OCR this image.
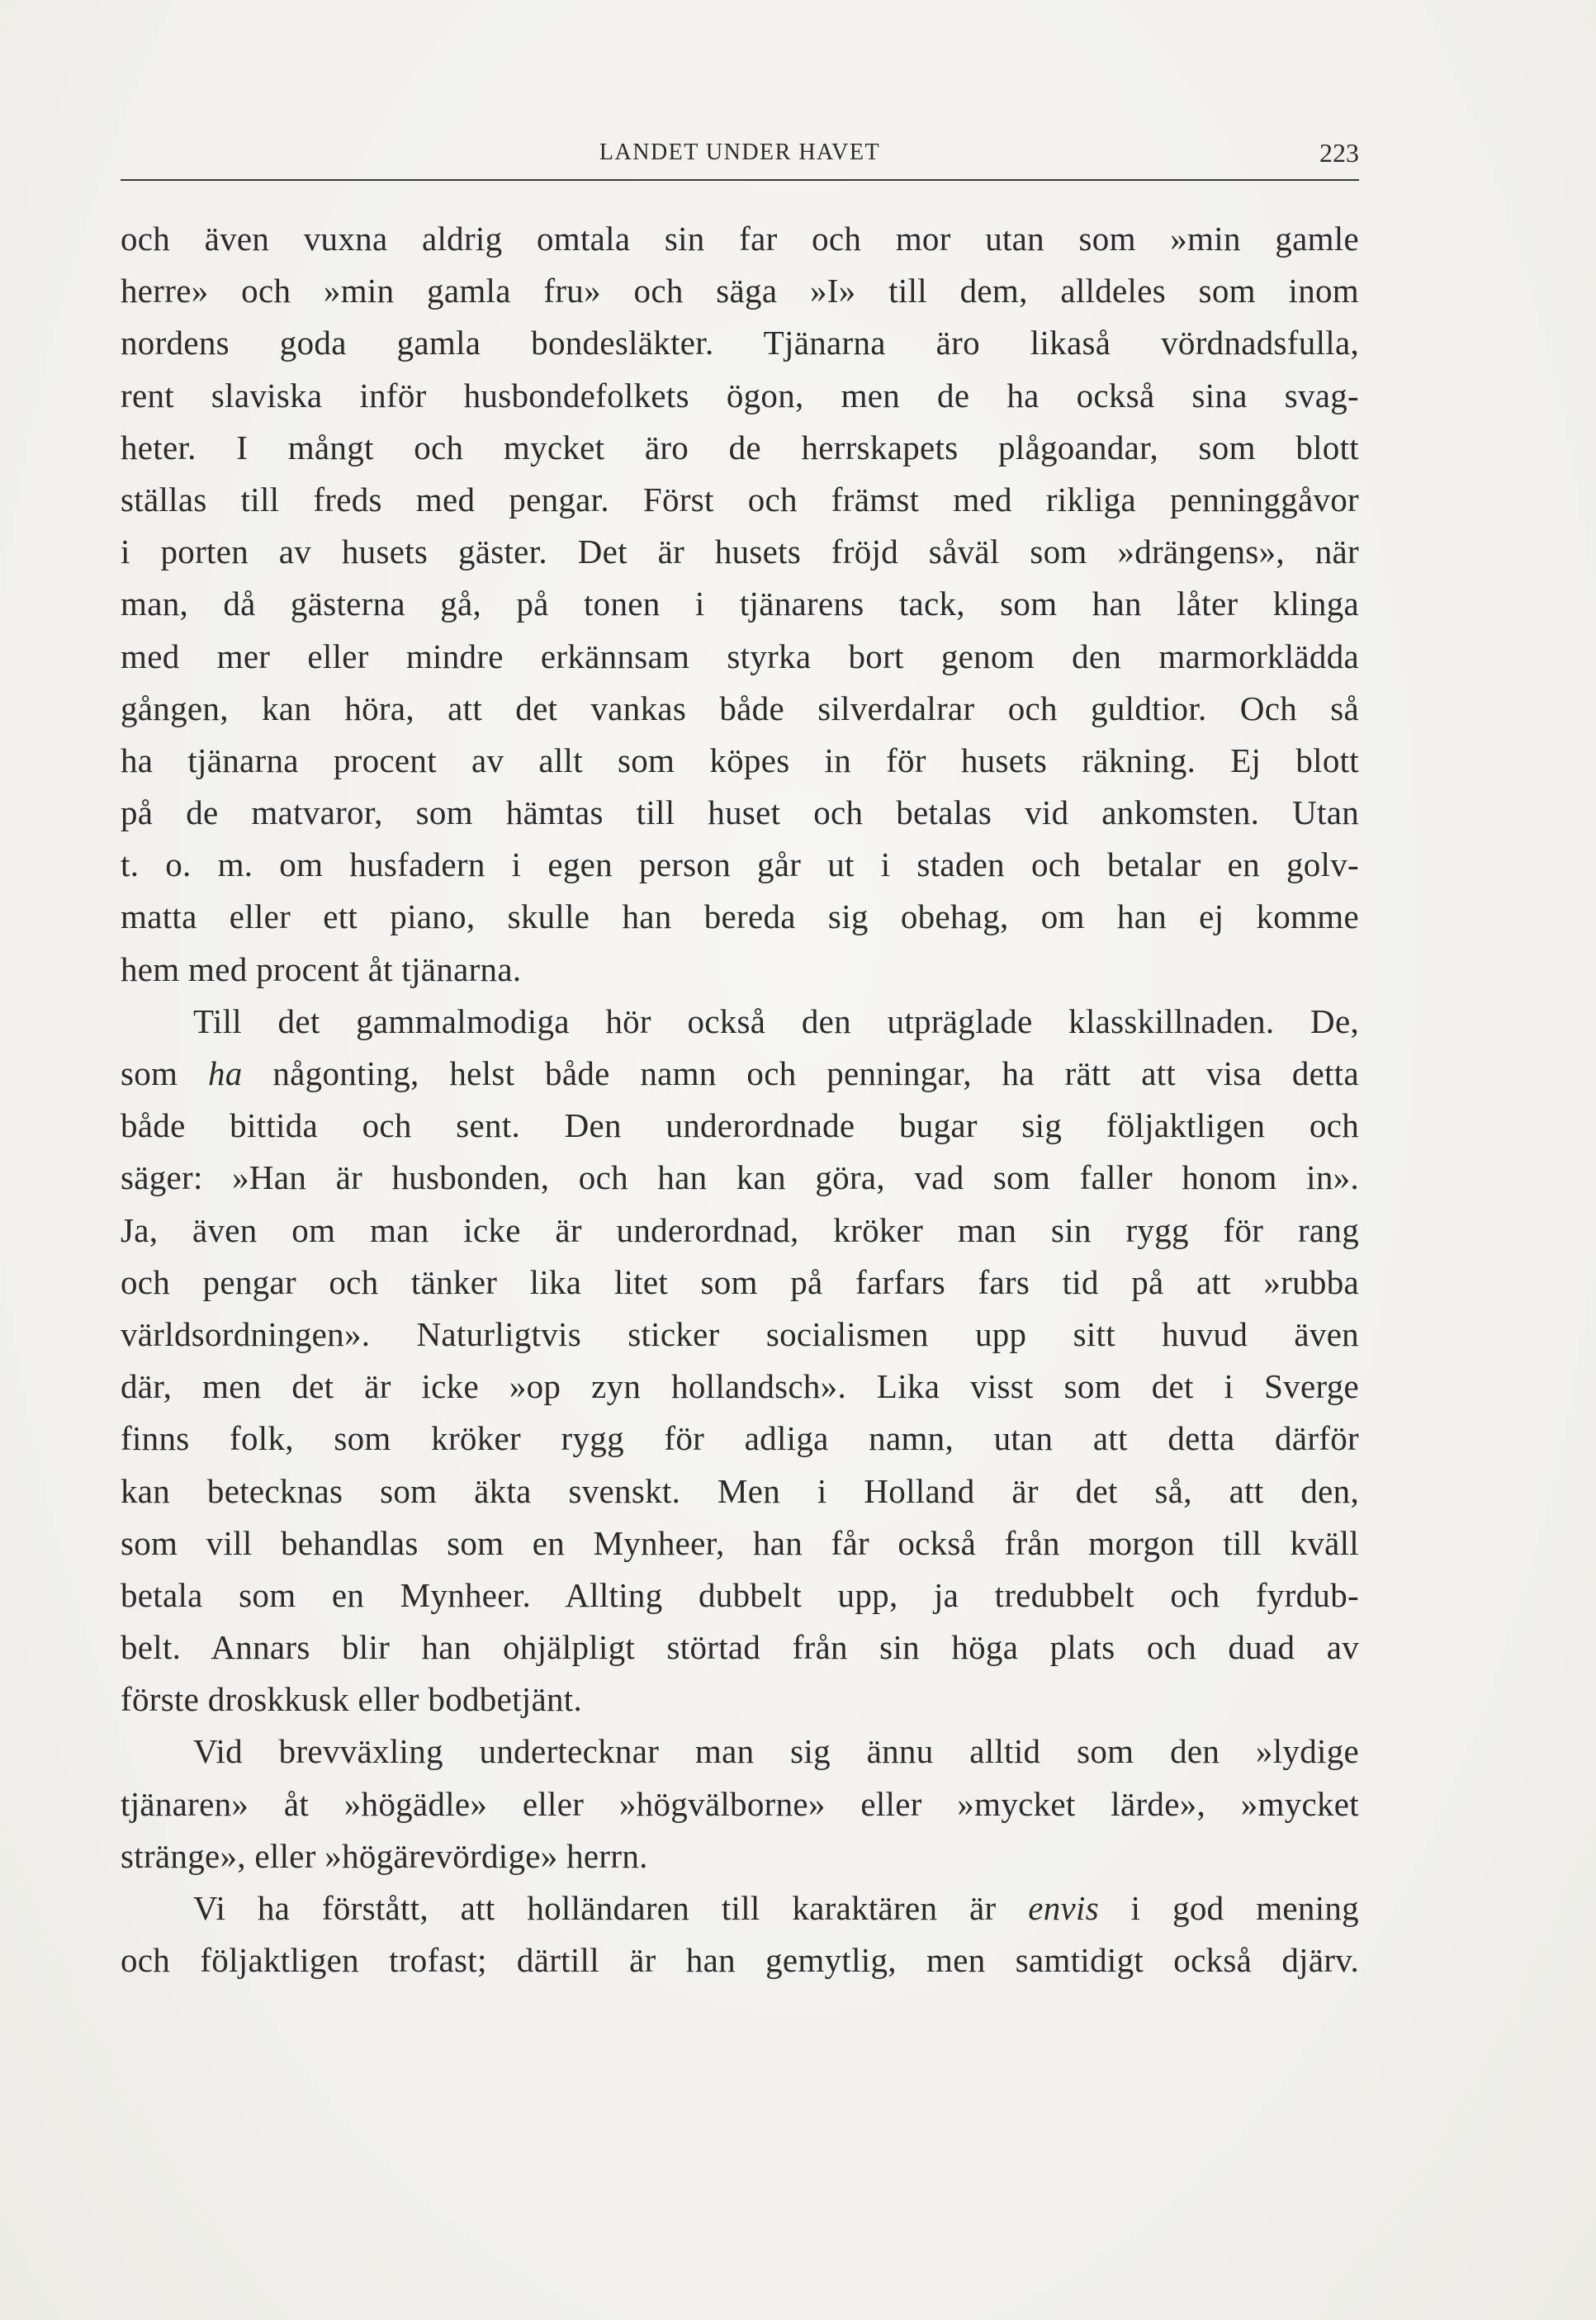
LANDET UNDER HAVET	223
och även vuxna aldrig omtala sin far och mor utan som »min gamle
herre» och »min gamla fru» och säga »I» till dem, alldeles som inom
nordens goda gamla bondesläkter. Tjänarna äro likaså vördnadsfulla,
rent slaviska inför husbondefolkets ögon, men de ha också sina svag-
heter. I mångt och mycket äro de herrskapets plågoandar, som blott
ställas till freds med pengar. Först och främst med rikliga penninggåvor
i porten av husets gäster. Det är husets fröjd såväl som »drängens», när
man, då gästerna gå, på tonen i tjänarens tack, som han låter klinga
med mer eller mindre erkännsam styrka bort genom den marmorklädda
gången, kan höra, att det vankas både silverdalrar och guldtior. Och så
ha tjänarna procent av allt som köpes in för husets räkning. Ej blott
på de matvaror, som hämtas till huset och betalas vid ankomsten. Utan
t. o. m. om husfadern i egen person går ut i staden och betalar en golv-
matta eller ett piano, skulle han bereda sig obehag, om han ej komme
hem med procent åt tjänarna.
Till det gammalmodiga hör också den utpräglade klasskillnaden. De,
som ha någonting, helst både namn och penningar, ha rätt att visa detta
både bittida och sent. Den underordnade bugar sig följaktligen och
säger: »Han är husbonden, och han kan göra, vad som faller honom in».
Ja, även om man icke är underordnad, kröker man sin rygg för rang
och pengar och tänker lika litet som på farfars fars tid på att »rubba
världsordningen». Naturligtvis sticker socialismen upp sitt huvud även
där, men det är icke »op zyn hollandsch». Lika visst som det i Sverge
finns folk, som kröker rygg för adliga namn, utan att detta därför
kan betecknas som äkta svenskt. Men i Holland är det så, att den,
som vill behandlas som en Mynheer, han får också från morgon till kväll
betala som en Mynheer. Allting dubbelt upp, ja tredubbelt och fyrdub-
belt. Annars blir han ohjälpligt störtad från sin höga plats och duad av
förste droskkusk eller bodbetjänt.
Vid brevväxling undertecknar man sig ännu alltid som den »lydige
tjänaren» åt »högädle» eller »högvälborne» eller »mycket lärde», »mycket
stränge», eller »högärevördige» herrn.
Vi ha förstått, att holländaren till karaktären är envis i god mening
och följaktligen trofast; därtill är han gemytlig, men samtidigt också djärv.
